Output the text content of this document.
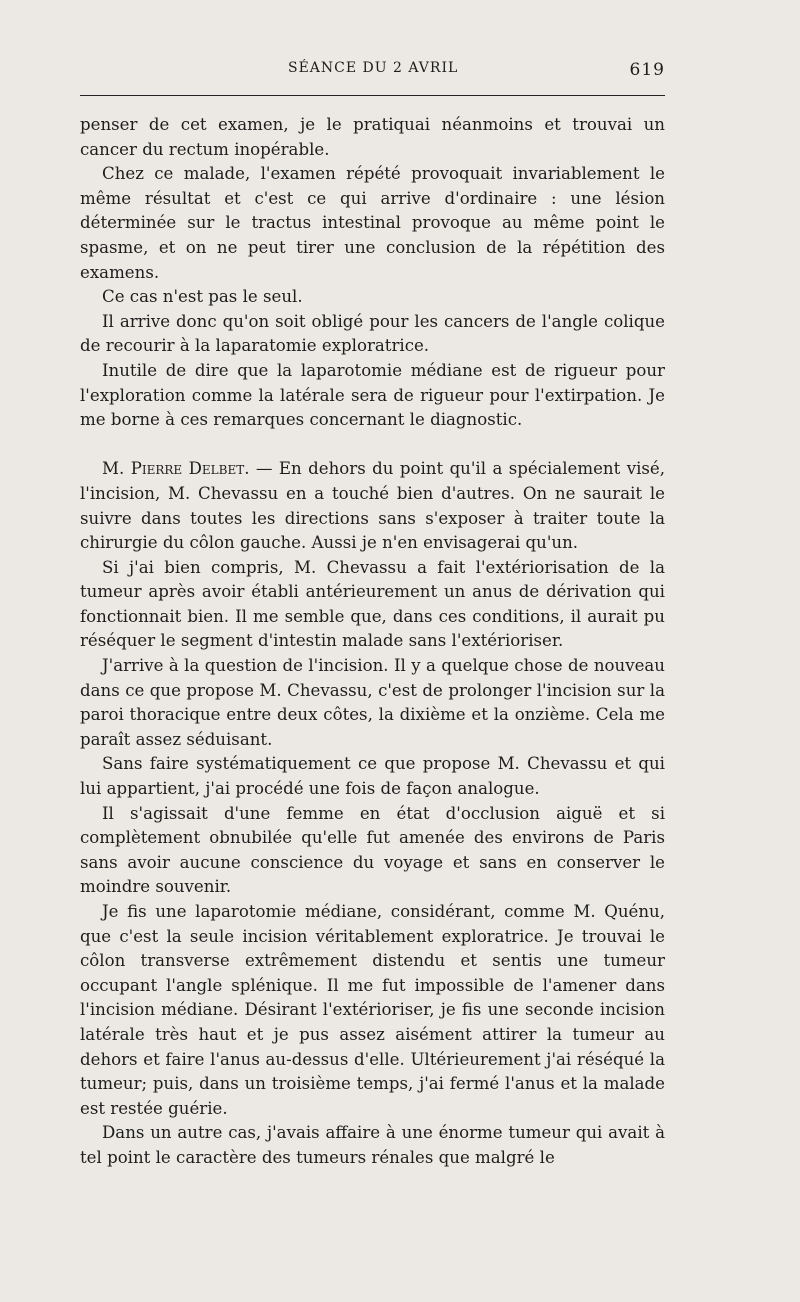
SÉANCE DU 2 AVRIL	619

penser de cet examen, je le pratiquai néanmoins et trouvai un cancer du rectum inopérable.

Chez ce malade, l'examen répété provoquait invariablement le même résultat et c'est ce qui arrive d'ordinaire : une lésion déterminée sur le tractus intestinal provoque au même point le spasme, et on ne peut tirer une conclusion de la répétition des examens.

Ce cas n'est pas le seul.

Il arrive donc qu'on soit obligé pour les cancers de l'angle colique de recourir à la laparatomie exploratrice.

Inutile de dire que la laparotomie médiane est de rigueur pour l'exploration comme la latérale sera de rigueur pour l'extirpation. Je me borne à ces remarques concernant le diagnostic.

M. Pierre Delbet. — En dehors du point qu'il a spécialement visé, l'incision, M. Chevassu en a touché bien d'autres. On ne saurait le suivre dans toutes les directions sans s'exposer à traiter toute la chirurgie du côlon gauche. Aussi je n'en envisagerai qu'un.

Si j'ai bien compris, M. Chevassu a fait l'extériorisation de la tumeur après avoir établi antérieurement un anus de dérivation qui fonctionnait bien. Il me semble que, dans ces conditions, il aurait pu réséquer le segment d'intestin malade sans l'extérioriser.

J'arrive à la question de l'incision. Il y a quelque chose de nouveau dans ce que propose M. Chevassu, c'est de prolonger l'incision sur la paroi thoracique entre deux côtes, la dixième et la onzième. Cela me paraît assez séduisant.

Sans faire systématiquement ce que propose M. Chevassu et qui lui appartient, j'ai procédé une fois de façon analogue.

Il s'agissait d'une femme en état d'occlusion aiguë et si complètement obnubilée qu'elle fut amenée des environs de Paris sans avoir aucune conscience du voyage et sans en conserver le moindre souvenir.

Je fis une laparotomie médiane, considérant, comme M. Quénu, que c'est la seule incision véritablement exploratrice. Je trouvai le côlon transverse extrêmement distendu et sentis une tumeur occupant l'angle splénique. Il me fut impossible de l'amener dans l'incision médiane. Désirant l'extérioriser, je fis une seconde incision latérale très haut et je pus assez aisément attirer la tumeur au dehors et faire l'anus au-dessus d'elle. Ultérieurement j'ai réséqué la tumeur; puis, dans un troisième temps, j'ai fermé l'anus et la malade est restée guérie.

Dans un autre cas, j'avais affaire à une énorme tumeur qui avait à tel point le caractère des tumeurs rénales que malgré le
